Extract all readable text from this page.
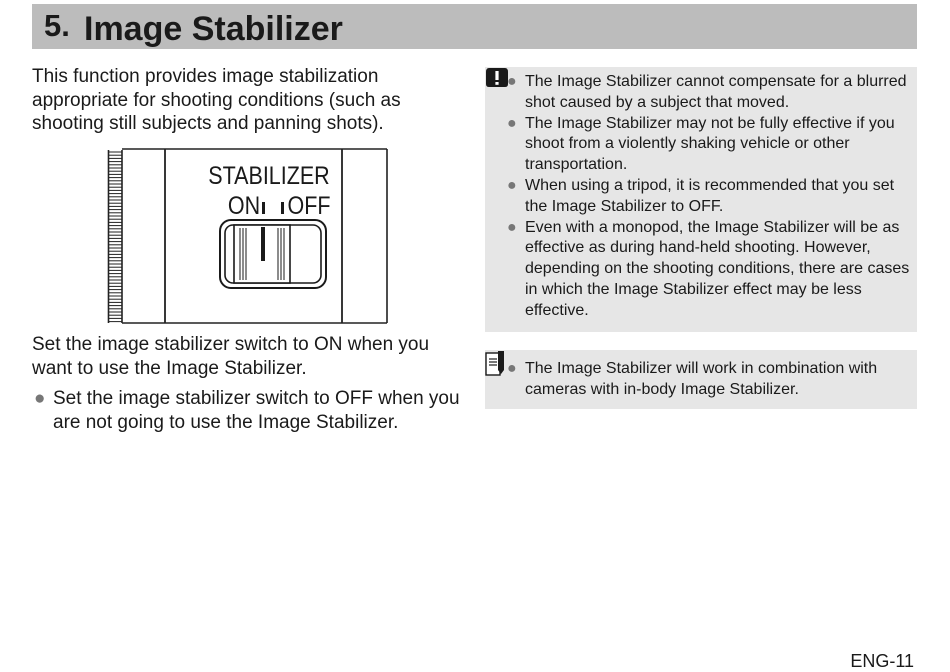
5. Image Stabilizer
This function provides image stabilization appropriate for shooting conditions (such as shooting still subjects and panning shots).
STABILIZER
ON OFF
Set the image stabilizer switch to ON when you want to use the Image Stabilizer.
● Set the image stabilizer switch to OFF when you are not going to use the Image Stabilizer.
● The Image Stabilizer cannot compensate for a blurred shot caused by a subject that moved.
● The Image Stabilizer may not be fully effective if you shoot from a violently shaking vehicle or other transportation.
● When using a tripod, it is recommended that you set the Image Stabilizer to OFF.
● Even with a monopod, the Image Stabilizer will be as effective as during hand-held shooting. However, depending on the shooting conditions, there are cases in which the Image Stabilizer effect may be less effective.
● The Image Stabilizer will work in combination with cameras with in-body Image Stabilizer.
ENG-11
